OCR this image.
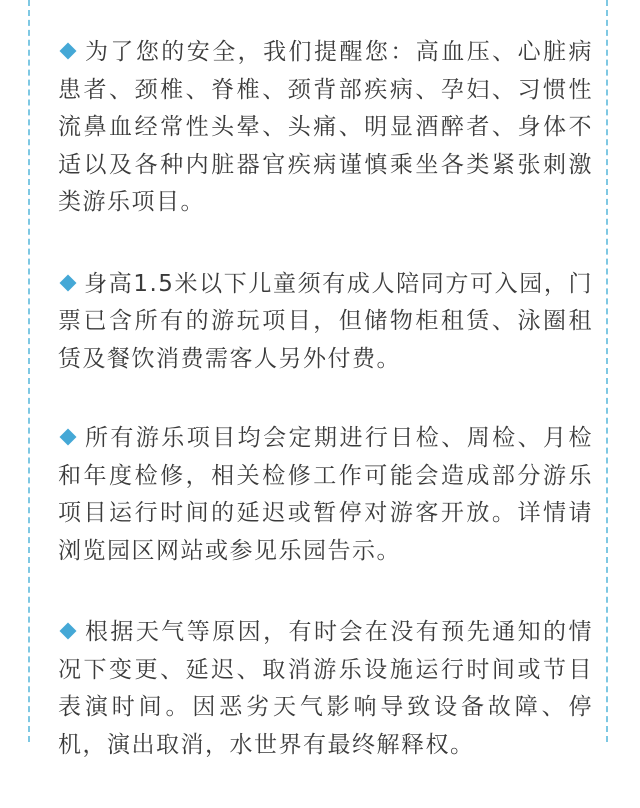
为了您的安全，我们提醒您：高血压、心脏病患者、颈椎、脊椎、颈背部疾病、孕妇、习惯性流鼻血经常性头晕、头痛、明显酒醉者、身体不适以及各种内脏器官疾病谨慎乘坐各类紧张刺激类游乐项目。

身高1.5米以下儿童须有成人陪同方可入园，门票已含所有的游玩项目，但储物柜租赁、泳圈租赁及餐饮消费需客人另外付费。

所有游乐项目均会定期进行日检、周检、月检和年度检修，相关检修工作可能会造成部分游乐项目运行时间的延迟或暂停对游客开放。详情请浏览园区网站或参见乐园告示。

根据天气等原因，有时会在没有预先通知的情况下变更、延迟、取消游乐设施运行时间或节目表演时间。因恶劣天气影响导致设备故障、停机，演出取消，水世界有最终解释权。
